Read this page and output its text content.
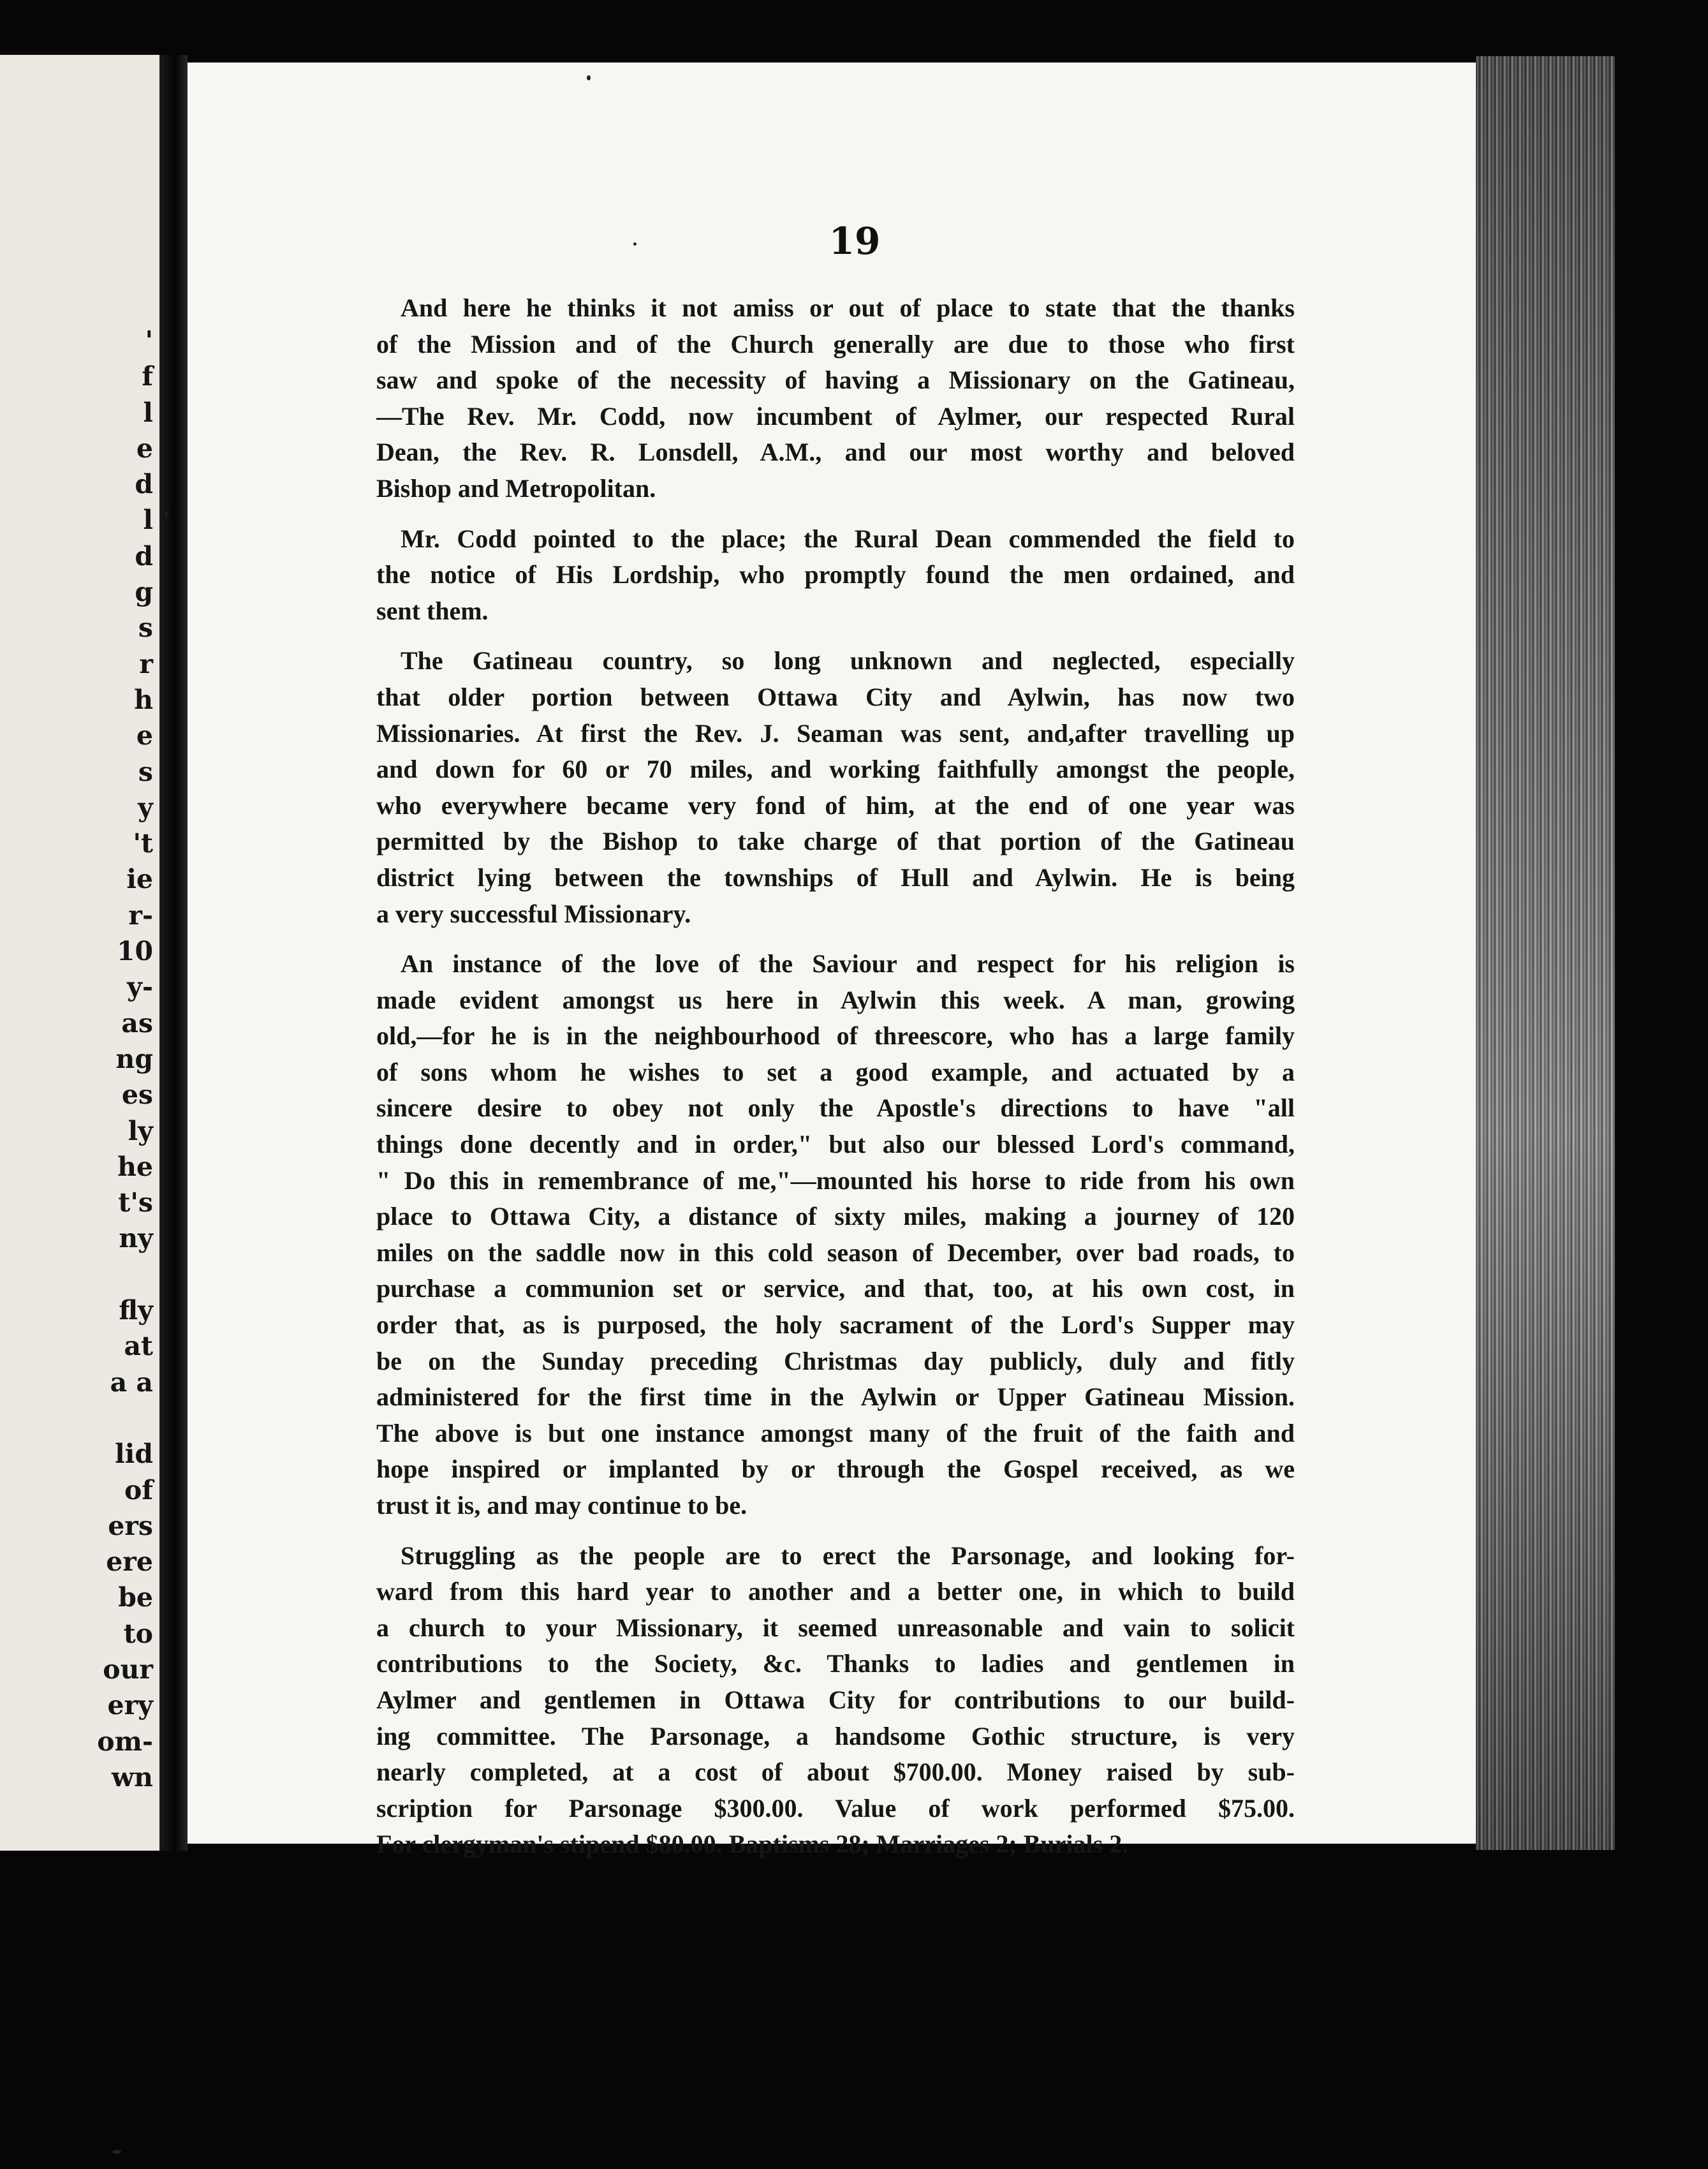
'
f
l
e
d
l
d
g
s
r
h
e
s
y
't
ie
r-
10
y-
as
ng
es
ly
he
t's
ny
fly
at
a a
lid
of
ers
ere
be
to
our
ery
om-
wn
‹
19
And here he thinks it not amiss or out of place to state that the thanks
of the Mission and of the Church generally are due to those who first
saw and spoke of the necessity of having a Missionary on the Gatineau,
—The Rev. Mr. Codd, now incumbent of Aylmer, our respected Rural
Dean, the Rev. R. Lonsdell, A.M., and our most worthy and beloved
Bishop and Metropolitan.
Mr. Codd pointed to the place; the Rural Dean commended the field to
the notice of His Lordship, who promptly found the men ordained, and
sent them.
The Gatineau country, so long unknown and neglected, especially
that older portion between Ottawa City and Aylwin, has now two
Missionaries. At first the Rev. J. Seaman was sent, and,after travelling up
and down for 60 or 70 miles, and working faithfully amongst the people,
who everywhere became very fond of him, at the end of one year was
permitted by the Bishop to take charge of that portion of the Gatineau
district lying between the townships of Hull and Aylwin. He is being
a very successful Missionary.
An instance of the love of the Saviour and respect for his religion is
made evident amongst us here in Aylwin this week. A man, growing
old,—for he is in the neighbourhood of threescore, who has a large family
of sons whom he wishes to set a good example, and actuated by a
sincere desire to obey not only the Apostle's directions to have "all
things done decently and in order," but also our blessed Lord's command,
" Do this in remembrance of me,"—mounted his horse to ride from his own
place to Ottawa City, a distance of sixty miles, making a journey of 120
miles on the saddle now in this cold season of December, over bad roads, to
purchase a communion set or service, and that, too, at his own cost, in
order that, as is purposed, the holy sacrament of the Lord's Supper may
be on the Sunday preceding Christmas day publicly, duly and fitly
administered for the first time in the Aylwin or Upper Gatineau Mission.
The above is but one instance amongst many of the fruit of the faith and
hope inspired or implanted by or through the Gospel received, as we
trust it is, and may continue to be.
Struggling as the people are to erect the Parsonage, and looking for-
ward from this hard year to another and a better one, in which to build
a church to your Missionary, it seemed unreasonable and vain to solicit
contributions to the Society, &c. Thanks to ladies and gentlemen in
Aylmer and gentlemen in Ottawa City for contributions to our build-
ing committee. The Parsonage, a handsome Gothic structure, is very
nearly completed, at a cost of about $700.00. Money raised by sub-
scription for Parsonage $300.00. Value of work performed $75.00.
For clergyman's stipend $80.00. Baptisms 28; Marriages 2; Burials 2.
